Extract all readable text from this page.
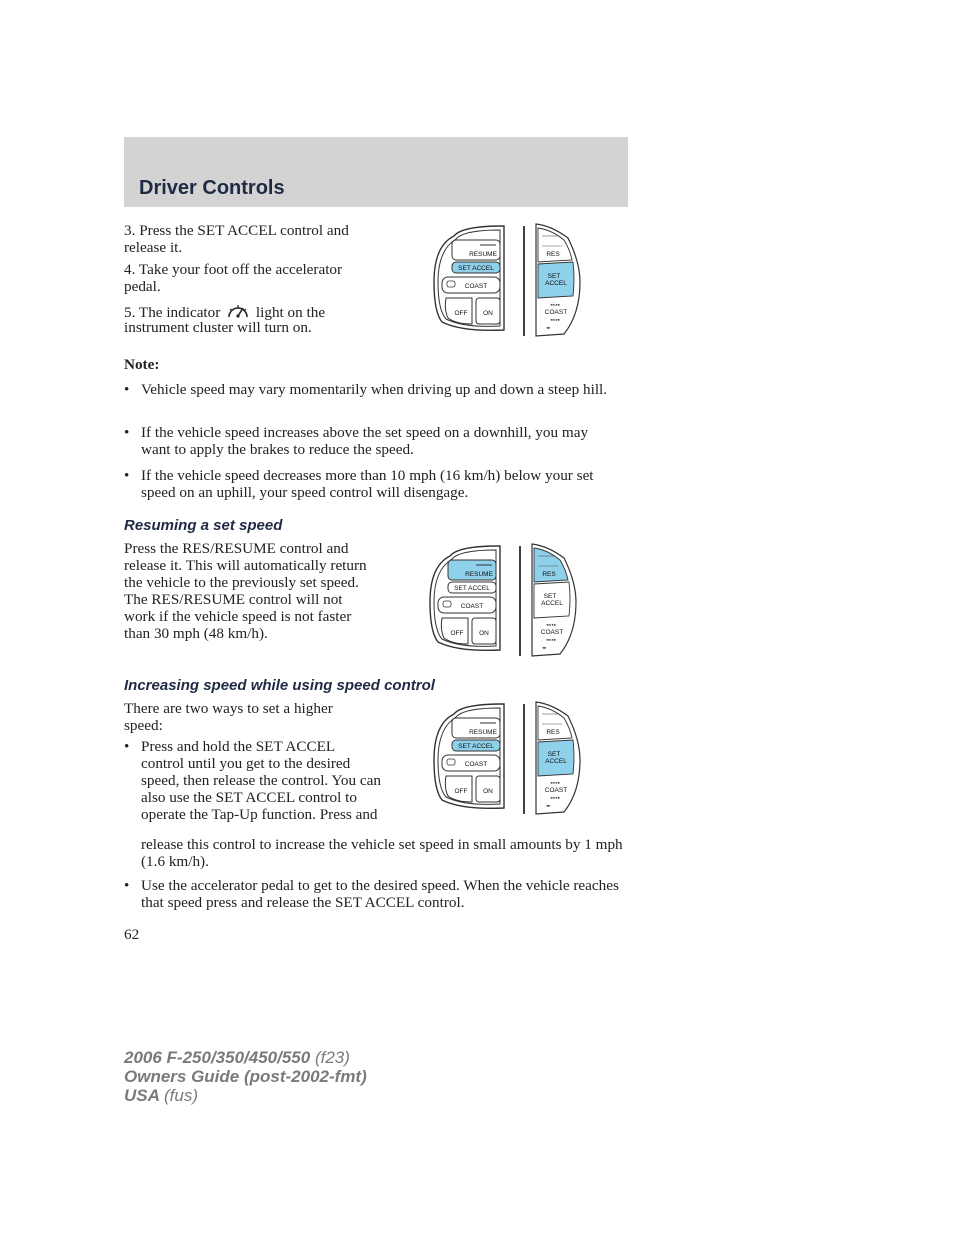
Driver Controls

3. Press the SET ACCEL control and release it.

4. Take your foot off the accelerator pedal.

5. The indicator light on the

instrument cluster will turn on.

Note:

• Vehicle speed may vary momentarily when driving up and down a steep hill.

• If the vehicle speed increases above the set speed on a downhill, you may want to apply the brakes to reduce the speed.

• If the vehicle speed decreases more than 10 mph (16 km/h) below your set speed on an uphill, your speed control will disengage.

Resuming a set speed

Press the RES/RESUME control and release it. This will automatically return the vehicle to the previously set speed. The RES/RESUME control will not work if the vehicle speed is not faster than 30 mph (48 km/h).

Increasing speed while using speed control

There are two ways to set a higher speed:

• Press and hold the SET ACCEL control until you get to the desired speed, then release the control. You can also use the SET ACCEL control to operate the Tap-Up function. Press and

release this control to increase the vehicle set speed in small amounts by 1 mph (1.6 km/h).

• Use the accelerator pedal to get to the desired speed. When the vehicle reaches that speed press and release the SET ACCEL control.

62

2006 F-250/350/450/550 (f23)
Owners Guide (post-2002-fmt)
USA (fus)
RESUME
SET ACCEL
COAST
OFF ON
RES
SET
ACCEL
◂◂ ▸▸
COAST
◂◂ ▸▸
◂▸
RESUME
SET ACCEL
COAST
OFF ON
RES
SET
ACCEL
◂◂ ▸▸
COAST
◂◂ ▸▸
◂▸
RESUME
SET ACCEL
COAST
OFF ON
RES
SET
ACCEL
◂◂ ▸▸
COAST
◂◂ ▸▸
◂▸
